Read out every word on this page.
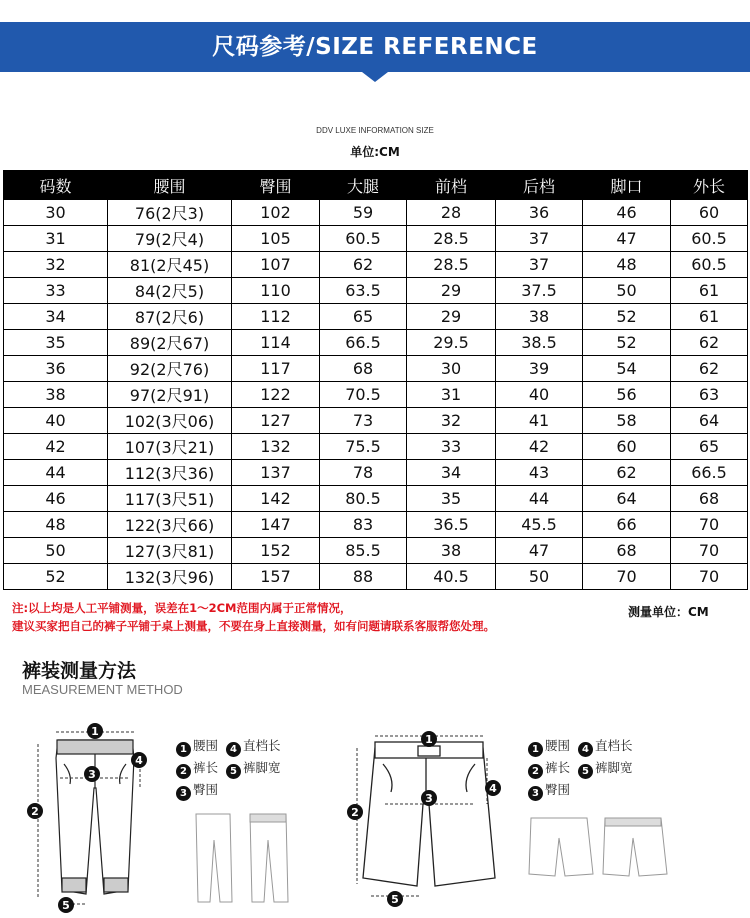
尺码参考/SIZE REFERENCE
DDV LUXE INFORMATION SIZE
单位:CM
码数	腰围	臀围	大腿	前档	后档	脚口	外长
30	76(2尺3)	102	59	28	36	46	60
31	79(2尺4)	105	60.5	28.5	37	47	60.5
32	81(2尺45)	107	62	28.5	37	48	60.5
33	84(2尺5)	110	63.5	29	37.5	50	61
34	87(2尺6)	112	65	29	38	52	61
35	89(2尺67)	114	66.5	29.5	38.5	52	62
36	92(2尺76)	117	68	30	39	54	62
38	97(2尺91)	122	70.5	31	40	56	63
40	102(3尺06)	127	73	32	41	58	64
42	107(3尺21)	132	75.5	33	42	60	65
44	112(3尺36)	137	78	34	43	62	66.5
46	117(3尺51)	142	80.5	35	44	64	68
48	122(3尺66)	147	83	36.5	45.5	66	70
50	127(3尺81)	152	85.5	38	47	68	70
52	132(3尺96)	157	88	40.5	50	70	70
注:以上均是人工平铺测量，误差在1～2CM范围内属于正常情况，
建议买家把自己的裤子平铺于桌上测量，不要在身上直接测量，如有问题请联系客服帮您处理。
测量单位：CM
裤装测量方法
MEASUREMENT METHOD
1 腰围 4 直档长
2 裤长 5 裤脚宽
3 臀围
1 腰围 4 直档长
2 裤长 5 裤脚宽
3 臀围
1
2
3
4
5
1
2
3
4
5
